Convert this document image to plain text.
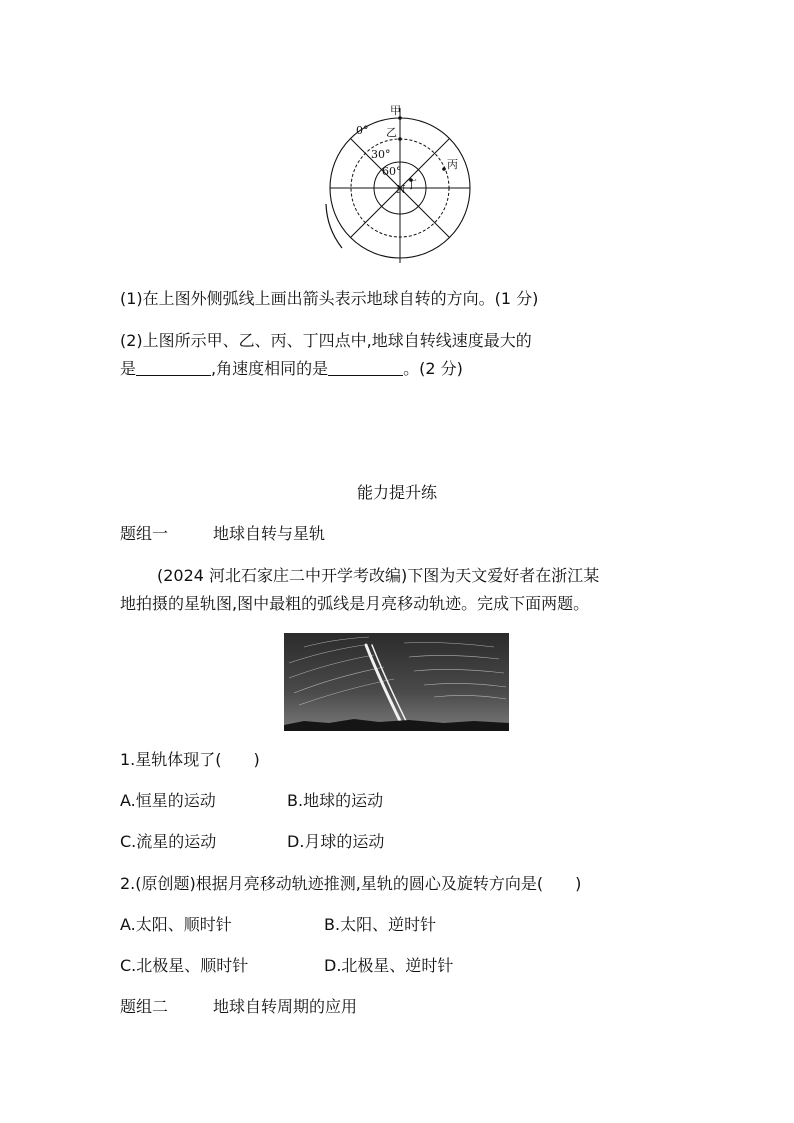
甲
乙
丙
丁
N
0°
30°
60°
(1)在上图外侧弧线上画出箭头表示地球自转的方向。(1 分)
(2)上图所示甲、乙、丙、丁四点中,地球自转线速度最大的
是	,角速度相同的是	。(2 分)
能力提升练
题组一	地球自转与星轨
(2024 河北石家庄二中开学考改编)下图为天文爱好者在浙江某
地拍摄的星轨图,图中最粗的弧线是月亮移动轨迹。完成下面两题。
1.星轨体现了(　　)
A.恒星的运动	B.地球的运动
C.流星的运动	D.月球的运动
2.(原创题)根据月亮移动轨迹推测,星轨的圆心及旋转方向是(　　)
A.太阳、顺时针	B.太阳、逆时针
C.北极星、顺时针	D.北极星、逆时针
题组二	地球自转周期的应用
